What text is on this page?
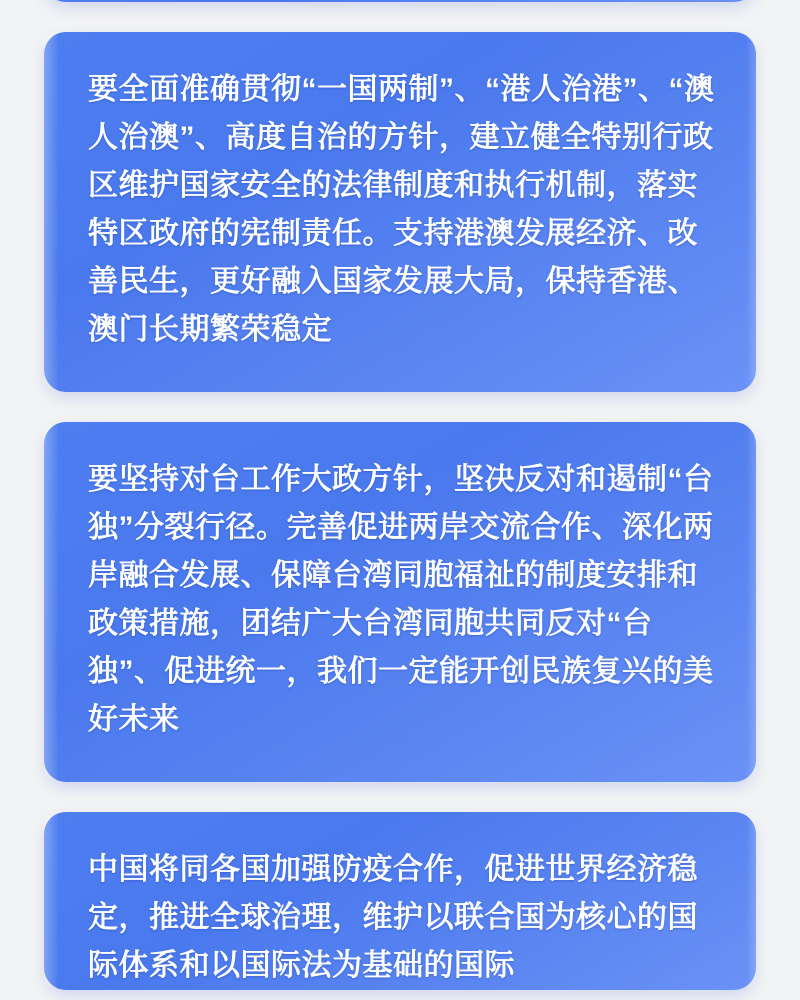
要全面准确贯彻“一国两制”、“港人治港”、“澳人治澳”、高度自治的方针，建立健全特别行政区维护国家安全的法律制度和执行机制，落实特区政府的宪制责任。支持港澳发展经济、改善民生，更好融入国家发展大局，保持香港、澳门长期繁荣稳定
要坚持对台工作大政方针，坚决反对和遏制“台独”分裂行径。完善促进两岸交流合作、深化两岸融合发展、保障台湾同胞福祉的制度安排和政策措施，团结广大台湾同胞共同反对“台独”、促进统一，我们一定能开创民族复兴的美好未来
中国将同各国加强防疫合作，促进世界经济稳定，推进全球治理，维护以联合国为核心的国际体系和以国际法为基础的国际
